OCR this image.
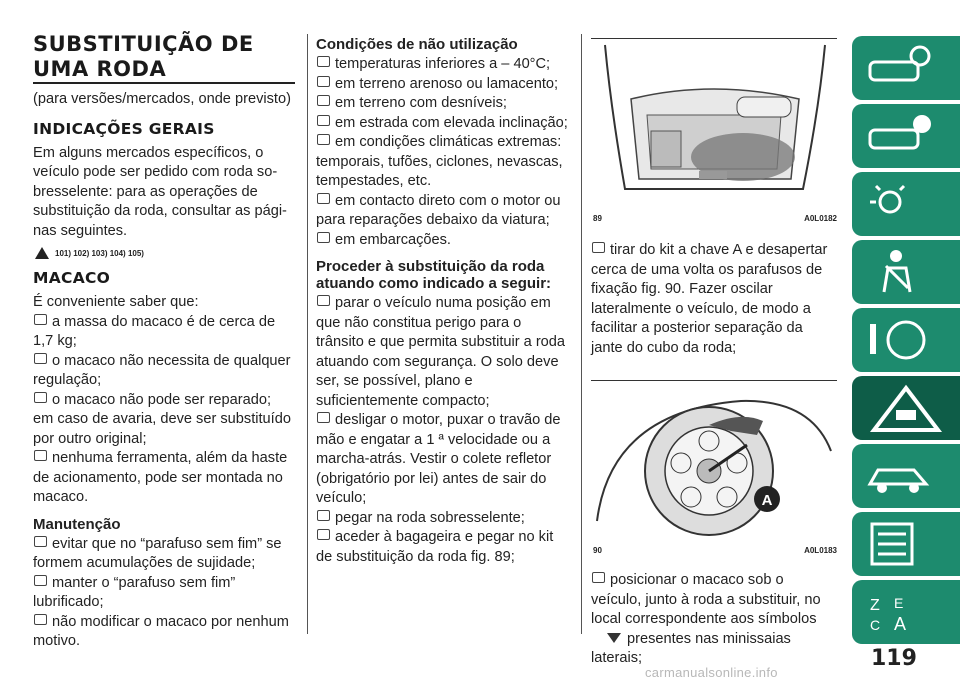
SUBSTITUIÇÃO DE
UMA RODA

(para versões/mercados, onde previsto)

INDICAÇÕES GERAIS

Em alguns mercados específicos, o veículo pode ser pedido com roda so-bresselente: para as operações de substituição da roda, consultar as pági-nas seguintes.

101) 102) 103) 104) 105)
MACACO

É conveniente saber que:

a massa do macaco é de cerca de 1,7 kg;

o macaco não necessita de qualquer regulação;

o macaco não pode ser reparado; em caso de avaria, deve ser substituído por outro original;

nenhuma ferramenta, além da haste de acionamento, pode ser montada no macaco.

Manutenção

evitar que no “parafuso sem fim” se formem acumulações de sujidade;

manter o “parafuso sem fim” lubrificado;

não modificar o macaco por nenhum motivo.

Condições de não utilização

temperaturas inferiores a – 40°C;

em terreno arenoso ou lamacento;

em terreno com desníveis;

em estrada com elevada inclinação;

em condições climáticas extremas: temporais, tufões, ciclones, nevascas, tempestades, etc.

em contacto direto com o motor ou para reparações debaixo da viatura;

em embarcações.

Proceder à substituição da roda atuando como indicado a seguir:

parar o veículo numa posição em que não constitua perigo para o trânsito e que permita substituir a roda atuando com segurança. O solo deve ser, se possível, plano e suficientemente compacto;

desligar o motor, puxar o travão de mão e engatar a 1 ª velocidade ou a marcha-atrás. Vestir o colete refletor (obrigatório por lei) antes de sair do veículo;

pegar na roda sobresselente;

aceder à bagageira e pegar no kit de substituição da roda fig. 89;

89	A0L0182

tirar do kit a chave A e desapertar cerca de uma volta os parafusos de fixação fig. 90. Fazer oscilar lateralmente o veículo, de modo a facilitar a posterior separação da jante do cubo da roda;

A
90	A0L0183

posicionar o macaco sob o veículo, junto à roda a substituir, no local correspondente aos símbolos

presentes nas minissaias laterais;

Z E
C A
119
carmanualsonline.info
